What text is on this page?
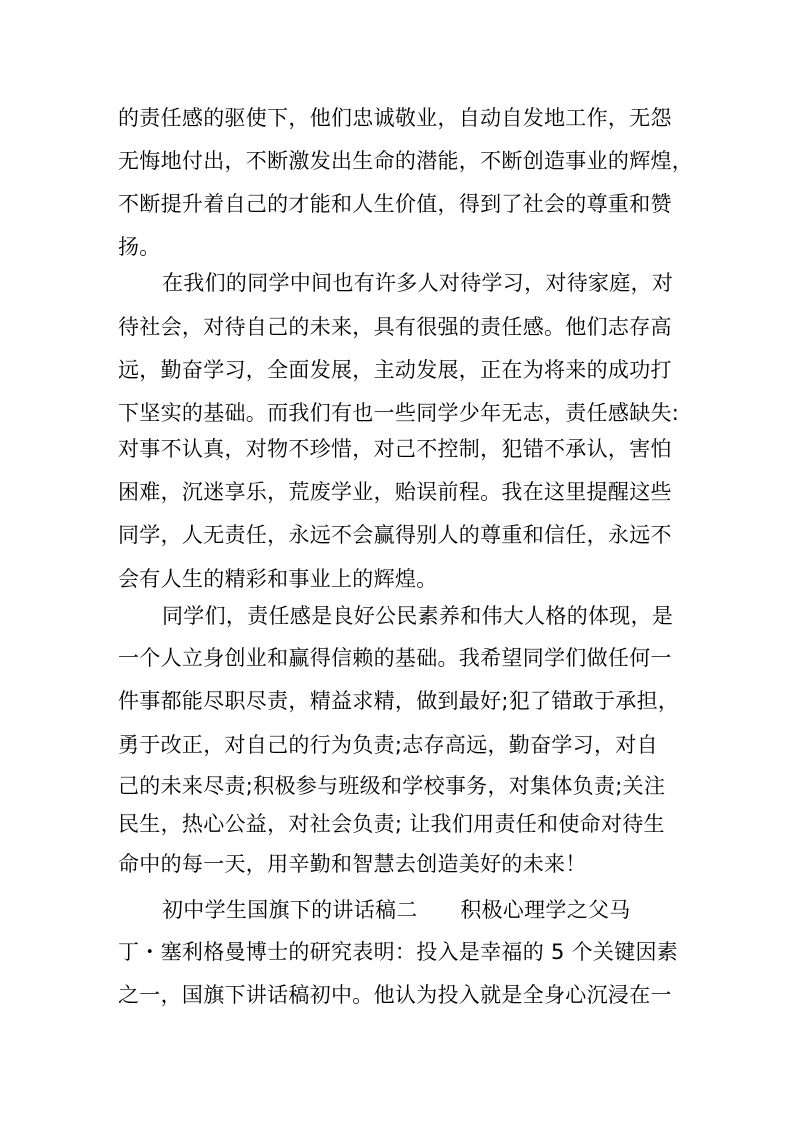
的责任感的驱使下，他们忠诚敬业，自动自发地工作，无怨
无悔地付出，不断激发出生命的潜能，不断创造事业的辉煌，
不断提升着自己的才能和人生价值，得到了社会的尊重和赞
扬。
在我们的同学中间也有许多人对待学习，对待家庭，对
待社会，对待自己的未来，具有很强的责任感。他们志存高
远，勤奋学习，全面发展，主动发展，正在为将来的成功打
下坚实的基础。而我们有也一些同学少年无志，责任感缺失:
对事不认真，对物不珍惜，对己不控制，犯错不承认，害怕
困难，沉迷享乐，荒废学业，贻误前程。我在这里提醒这些
同学，人无责任，永远不会赢得别人的尊重和信任，永远不
会有人生的精彩和事业上的辉煌。
同学们，责任感是良好公民素养和伟大人格的体现，是
一个人立身创业和赢得信赖的基础。我希望同学们做任何一
件事都能尽职尽责，精益求精，做到最好;犯了错敢于承担，
勇于改正，对自己的行为负责;志存高远，勤奋学习，对自
己的未来尽责;积极参与班级和学校事务，对集体负责;关注
民生，热心公益，对社会负责; 让我们用责任和使命对待生
命中的每一天，用辛勤和智慧去创造美好的未来！
初中学生国旗下的讲话稿二　　积极心理学之父马
丁・塞利格曼博士的研究表明：投入是幸福的 5 个关键因素
之一，国旗下讲话稿初中。他认为投入就是全身心沉浸在一
